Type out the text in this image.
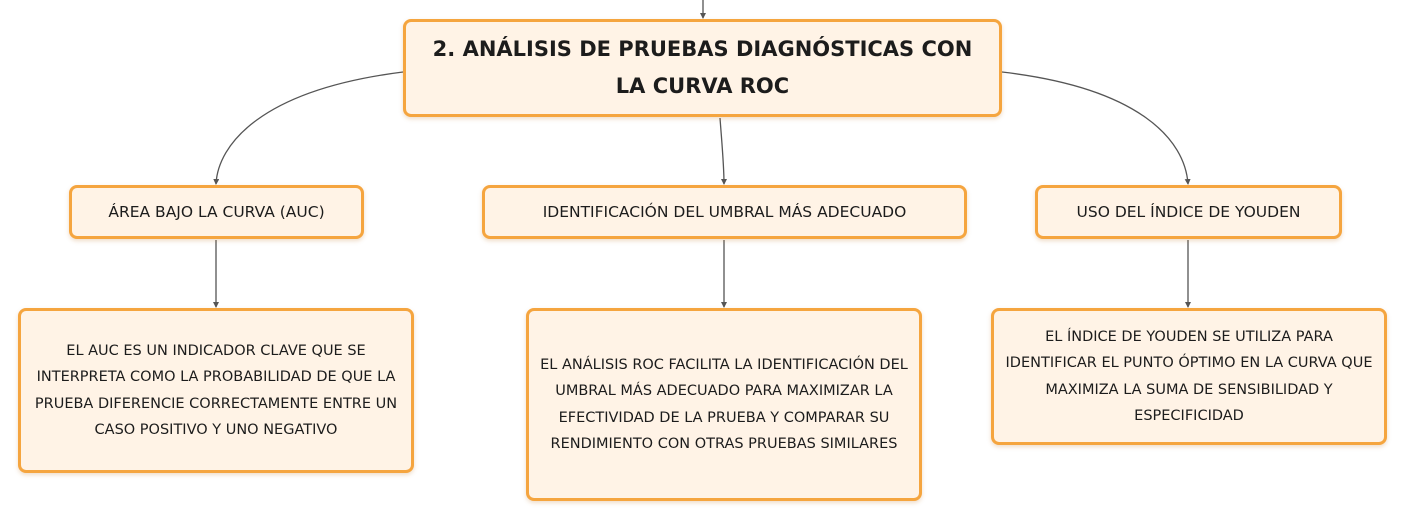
2. ANÁLISIS DE PRUEBAS DIAGNÓSTICAS CON LA CURVA ROC
ÁREA BAJO LA CURVA (AUC)	IDENTIFICACIÓN DEL UMBRAL MÁS ADECUADO	USO DEL ÍNDICE DE YOUDEN
EL AUC ES UN INDICADOR CLAVE QUE SE INTERPRETA COMO LA PROBABILIDAD DE QUE LA PRUEBA DIFERENCIE CORRECTAMENTE ENTRE UN CASO POSITIVO Y UNO NEGATIVO
EL ANÁLISIS ROC FACILITA LA IDENTIFICACIÓN DEL UMBRAL MÁS ADECUADO PARA MAXIMIZAR LA EFECTIVIDAD DE LA PRUEBA Y COMPARAR SU RENDIMIENTO CON OTRAS PRUEBAS SIMILARES
EL ÍNDICE DE YOUDEN SE UTILIZA PARA IDENTIFICAR EL PUNTO ÓPTIMO EN LA CURVA QUE MAXIMIZA LA SUMA DE SENSIBILIDAD Y ESPECIFICIDAD
